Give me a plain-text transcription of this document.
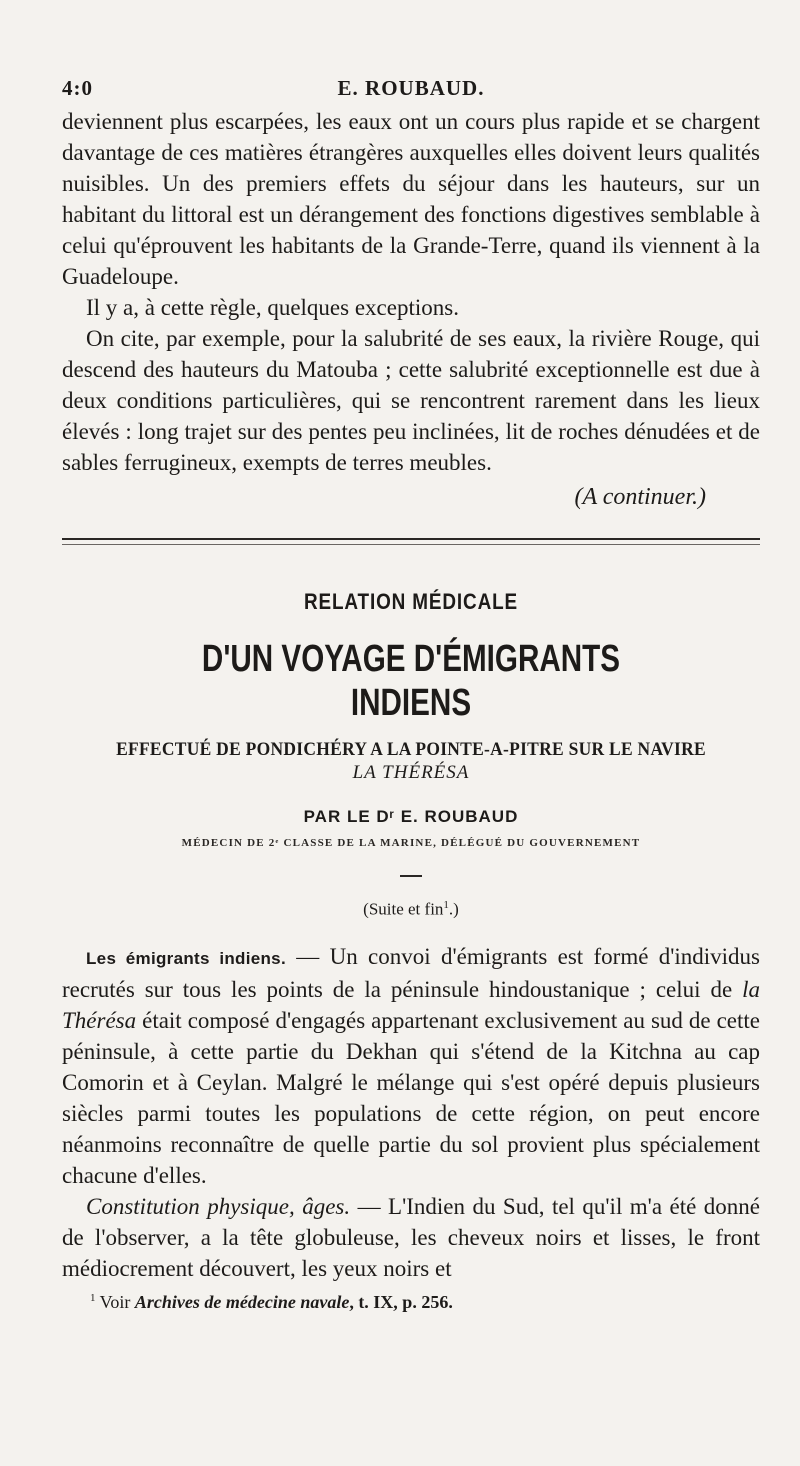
4:0	E. ROUBAUD.

deviennent plus escarpées, les eaux ont un cours plus rapide et se chargent davantage de ces matières étrangères auxquelles elles doivent leurs qualités nuisibles. Un des premiers effets du séjour dans les hauteurs, sur un habitant du littoral est un dérangement des fonctions digestives semblable à celui qu'éprouvent les habitants de la Grande-Terre, quand ils viennent à la Guadeloupe.

Il y a, à cette règle, quelques exceptions.

On cite, par exemple, pour la salubrité de ses eaux, la rivière Rouge, qui descend des hauteurs du Matouba ; cette salubrité exceptionnelle est due à deux conditions particulières, qui se rencontrent rarement dans les lieux élevés : long trajet sur des pentes peu inclinées, lit de roches dénudées et de sables ferrugineux, exempts de terres meubles.

(A continuer.)
RELATION MÉDICALE
D'UN VOYAGE D'ÉMIGRANTS INDIENS
EFFECTUÉ DE PONDICHÉRY A LA POINTE-A-PITRE SUR LE NAVIRE
LA THÉRÉSA
PAR LE Dʳ E. ROUBAUD
MÉDECIN DE 2ᵉ CLASSE DE LA MARINE, DÉLÉGUÉ DU GOUVERNEMENT
(Suite et fin$^1$.)

Les émigrants indiens. — Un convoi d'émigrants est formé d'individus recrutés sur tous les points de la péninsule hindoustanique ; celui de la Thérésa était composé d'engagés appartenant exclusivement au sud de cette péninsule, à cette partie du Dekhan qui s'étend de la Kitchna au cap Comorin et à Ceylan. Malgré le mélange qui s'est opéré depuis plusieurs siècles parmi toutes les populations de cette région, on peut encore néanmoins reconnaître de quelle partie du sol provient plus spécialement chacune d'elles.

Constitution physique, âges. — L'Indien du Sud, tel qu'il m'a été donné de l'observer, a la tête globuleuse, les cheveux noirs et lisses, le front médiocrement découvert, les yeux noirs et

$^1$ Voir Archives de médecine navale, t. IX, p. 256.
